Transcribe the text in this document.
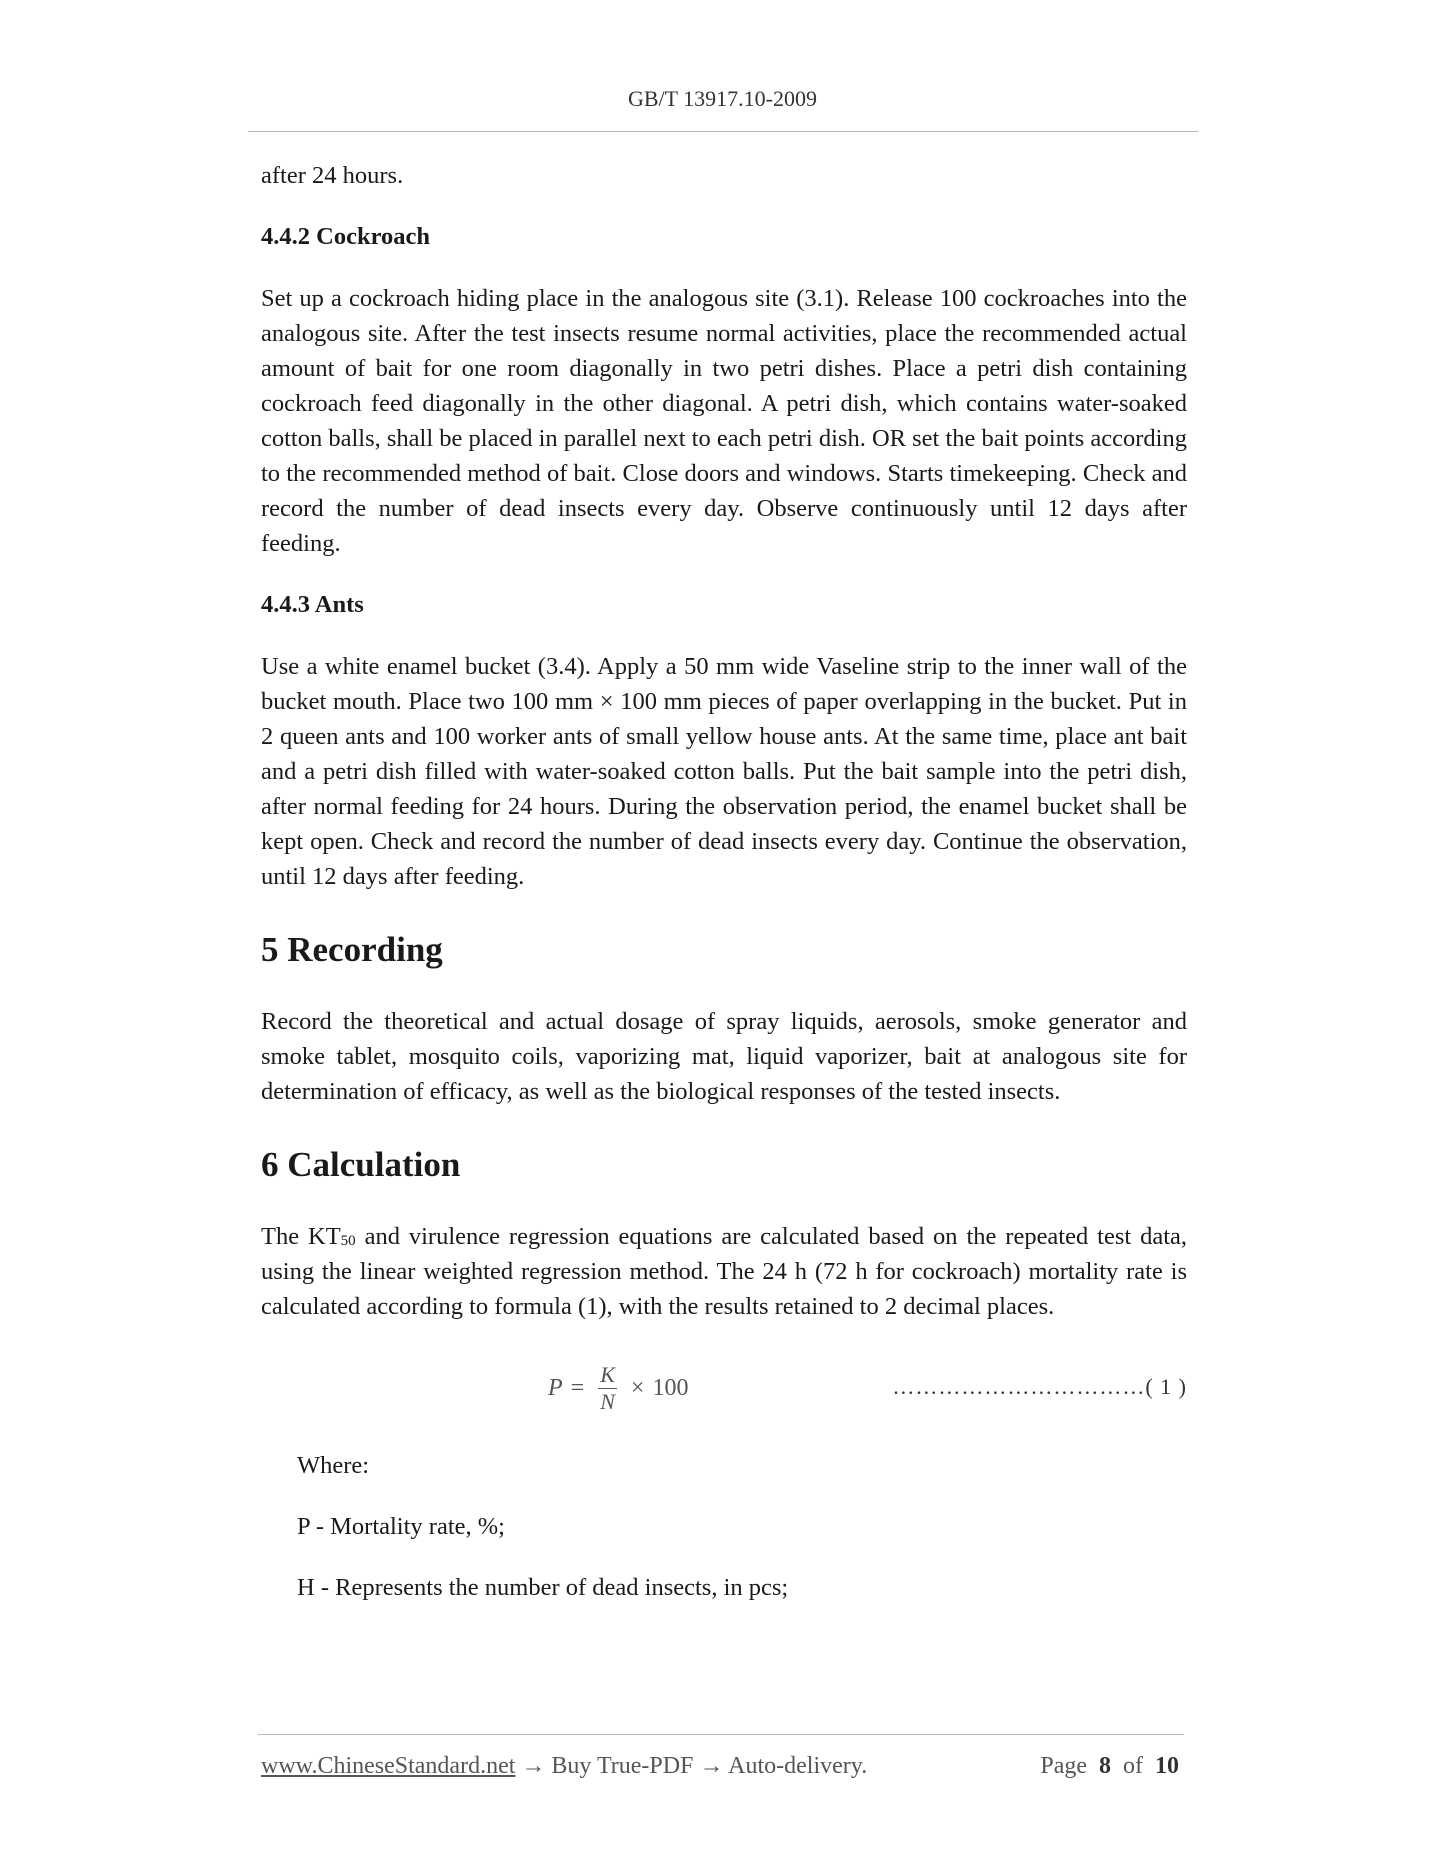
GB/T 13917.10-2009

after 24 hours.

4.4.2 Cockroach

Set up a cockroach hiding place in the analogous site (3.1). Release 100 cockroaches into the analogous site. After the test insects resume normal activities, place the recommended actual amount of bait for one room diagonally in two petri dishes. Place a petri dish containing cockroach feed diagonally in the other diagonal. A petri dish, which contains water-soaked cotton balls, shall be placed in parallel next to each petri dish. OR set the bait points according to the recommended method of bait. Close doors and windows. Starts timekeeping. Check and record the number of dead insects every day. Observe continuously until 12 days after feeding.

4.4.3 Ants

Use a white enamel bucket (3.4). Apply a 50 mm wide Vaseline strip to the inner wall of the bucket mouth. Place two 100 mm × 100 mm pieces of paper overlapping in the bucket. Put in 2 queen ants and 100 worker ants of small yellow house ants. At the same time, place ant bait and a petri dish filled with water-soaked cotton balls. Put the bait sample into the petri dish, after normal feeding for 24 hours. During the observation period, the enamel bucket shall be kept open. Check and record the number of dead insects every day. Continue the observation, until 12 days after feeding.

5 Recording

Record the theoretical and actual dosage of spray liquids, aerosols, smoke generator and smoke tablet, mosquito coils, vaporizing mat, liquid vaporizer, bait at analogous site for determination of efficacy, as well as the biological responses of the tested insects.

6 Calculation

The $KT_{50}$ and virulence regression equations are calculated based on the repeated test data, using the linear weighted regression method. The 24 h (72 h for cockroach) mortality rate is calculated according to formula (1), with the results retained to 2 decimal places.

$P = \frac{K}{N} \times 100$	……………………………( 1 )

Where:

P - Mortality rate, %;

H - Represents the number of dead insects, in pcs;

www.ChineseStandard.net → Buy True-PDF → Auto-delivery.	Page 8 of 10
